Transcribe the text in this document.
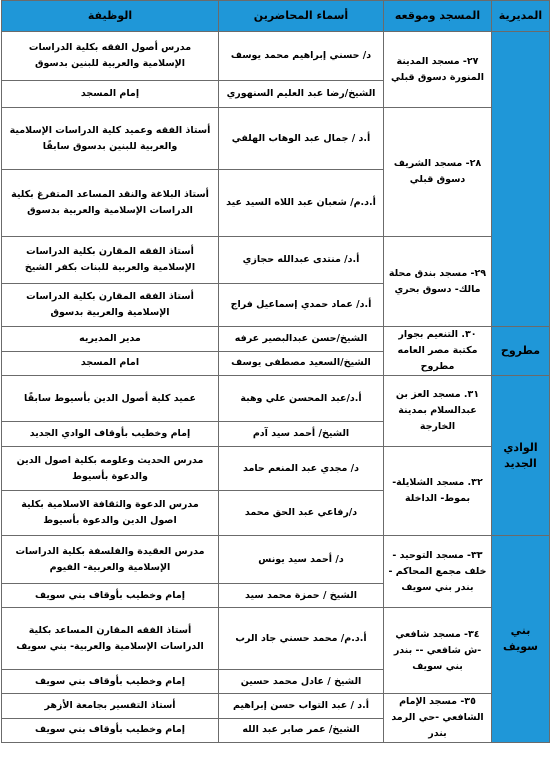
المديرية	المسجد وموقعه	أسماء المحاضرين	الوظيفة
	٢٧- مسجد المدينة المنورة دسوق قبلي	د/ حسني إبراهيم محمد يوسف	مدرس أصول الفقه بكلية الدراسات الإسلامية والعربية للبنين بدسوق
		الشيخ/رضا عبد العليم السنهوري	إمام المسجد
	٢٨- مسجد الشريف دسوق قبلي	أ.د / جمال عبد الوهاب الهلفي	أستاذ الفقه وعميد كلية الدراسات الإسلامية والعربية للبنين بدسوق سابقًا
		أ.د.م/ شعبان عبد اللاه السيد عيد	أستاذ البلاغة والنقد المساعد المتفرغ بكلية الدراسات الإسلامية والعربية بدسوق
	٢٩- مسجد بندق محلة مالك- دسوق بحري	أ.د/ منتدى عبدالله حجازي	أستاذ الفقه المقارن بكلية الدراسات الإسلامية والعربية للبنات بكفر الشيخ
		أ.د/ عماد حمدي إسماعيل فراج	أستاذ الفقه المقارن بكلية الدراسات الإسلامية والعربية بدسوق
مطروح	٣٠. التنعيم بجوار مكتبة مصر العامه مطروح	الشيخ/حسن عبدالبصير عرفه	مدير المديريه
		الشيخ/السعيد مصطفى يوسف	امام المسجد
الوادي الجديد	٣١. مسجد العز بن عبدالسلام بمدينة الخارجة	أ.د/عبد المحسن علي وهبة	عميد كلية أصول الدين بأسيوط سابقًا
		الشيخ/ أحمد سيد آدم	إمام وخطيب بأوقاف الوادي الجديد
	٣٢. مسجد الشلايلة-بموط- الداخلة	د/ مجدي عبد المنعم حامد	مدرس الحديث وعلومه بكلية اصول الدين والدعوة بأسيوط
		د/رفاعي عبد الحق محمد	مدرس الدعوة والثقافة الاسلامية بكلية اصول الدين والدعوة بأسيوط
بني سويف	٣٣- مسجد التوحيد - خلف مجمع المحاكم - بندر بني سويف	د/ أحمد سيد يونس	مدرس العقيدة والفلسفة بكلية الدراسات الإسلامية والعربية- الفيوم
		الشيخ / حمزة محمد سيد	إمام وخطيب بأوقاف بني سويف
	٣٤- مسجد شافعي -ش شافعي -- بندر بني سويف	أ.د.م/ محمد حسني جاد الرب	أستاذ الفقه المقارن المساعد بكلية الدراسات الإسلامية والعربية- بني سويف
		الشيخ / عادل محمد حسين	إمام وخطيب بأوقاف بني سويف
	٣٥- مسجد الإمام الشافعي -حي الرمد بندر	أ.د / عبد التواب حسن إبراهيم	أستاذ التفسير بجامعة الأزهر
		الشيخ/ عمر صابر عبد الله	إمام وخطيب بأوقاف بني سويف
